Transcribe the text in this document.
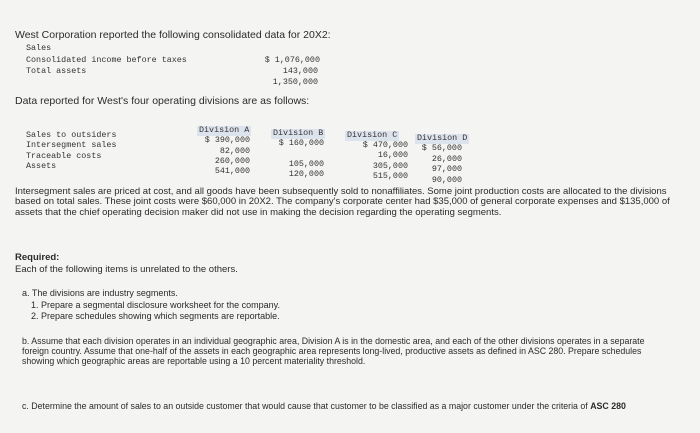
West Corporation reported the following consolidated data for 20X2:
Sales
Consolidated income before taxes
Total assets
$ 1,076,000
143,000
1,350,000
Data reported for West's four operating divisions are as follows:
Sales to outsiders
Intersegment sales
Traceable costs
Assets
Division A
$ 390,000
82,000
260,000
541,000
Division B
$ 160,000
105,000
120,000
Division C
$ 470,000
16,000
305,000
515,000
Division D
$ 56,000
26,000
97,000
90,000
Intersegment sales are priced at cost, and all goods have been subsequently sold to nonaffiliates. Some joint production costs are allocated to the divisions based on total sales. These joint costs were $60,000 in 20X2. The company's corporate center had $35,000 of general corporate expenses and $135,000 of assets that the chief operating decision maker did not use in making the decision regarding the operating segments.
Required:
Each of the following items is unrelated to the others.
a. The divisions are industry segments.
1. Prepare a segmental disclosure worksheet for the company.
2. Prepare schedules showing which segments are reportable.
b. Assume that each division operates in an individual geographic area, Division A is in the domestic area, and each of the other divisions operates in a separate foreign country. Assume that one-half of the assets in each geographic area represents long-lived, productive assets as defined in ASC 280. Prepare schedules showing which geographic areas are reportable using a 10 percent materiality threshold.
c. Determine the amount of sales to an outside customer that would cause that customer to be classified as a major customer under the criteria of ASC 280
